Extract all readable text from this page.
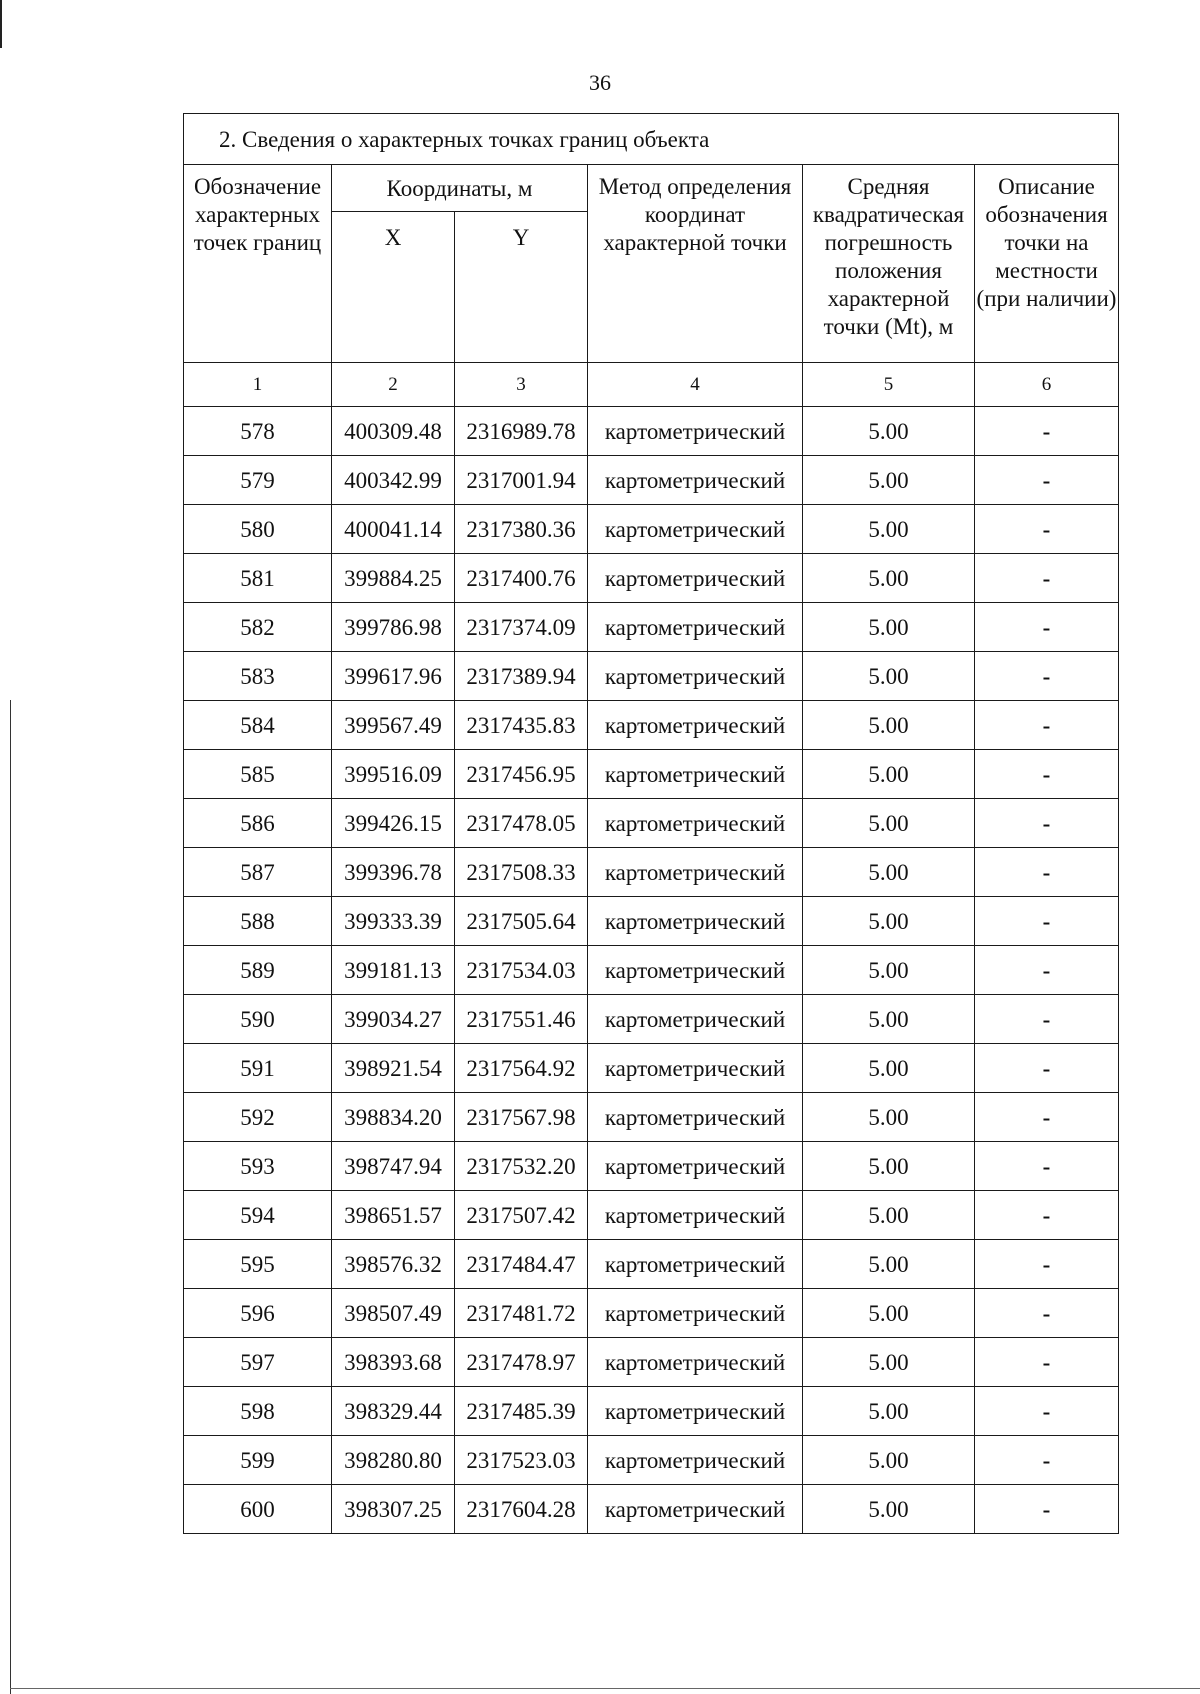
36
2. Сведения о характерных точках границ объекта					
Обозначение характерных точек границ	Координаты, м		Метод определения координат характерной точки	Средняя квадратическая погрешность положения характерной точки (Mt), м	Описание обозначения точки на местности (при наличии)
	X	Y			
1	2	3	4	5	6
578	400309.48	2316989.78	картометрический	5.00	-
579	400342.99	2317001.94	картометрический	5.00	-
580	400041.14	2317380.36	картометрический	5.00	-
581	399884.25	2317400.76	картометрический	5.00	-
582	399786.98	2317374.09	картометрический	5.00	-
583	399617.96	2317389.94	картометрический	5.00	-
584	399567.49	2317435.83	картометрический	5.00	-
585	399516.09	2317456.95	картометрический	5.00	-
586	399426.15	2317478.05	картометрический	5.00	-
587	399396.78	2317508.33	картометрический	5.00	-
588	399333.39	2317505.64	картометрический	5.00	-
589	399181.13	2317534.03	картометрический	5.00	-
590	399034.27	2317551.46	картометрический	5.00	-
591	398921.54	2317564.92	картометрический	5.00	-
592	398834.20	2317567.98	картометрический	5.00	-
593	398747.94	2317532.20	картометрический	5.00	-
594	398651.57	2317507.42	картометрический	5.00	-
595	398576.32	2317484.47	картометрический	5.00	-
596	398507.49	2317481.72	картометрический	5.00	-
597	398393.68	2317478.97	картометрический	5.00	-
598	398329.44	2317485.39	картометрический	5.00	-
599	398280.80	2317523.03	картометрический	5.00	-
600	398307.25	2317604.28	картометрический	5.00	-
